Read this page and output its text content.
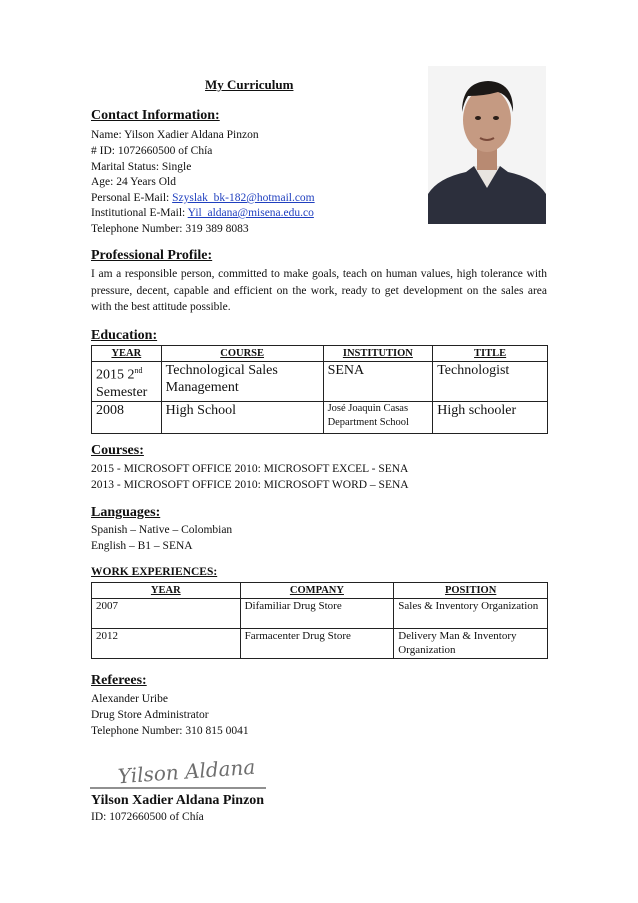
My Curriculum
Contact Information:
Name: Yilson Xadier Aldana Pinzon
# ID: 1072660500 of Chía
Marital Status: Single
Age: 24 Years Old
Personal E-Mail: Szyslak_bk-182@hotmail.com
Institutional E-Mail: Yil_aldana@misena.edu.co
Telephone Number: 319 389 8083
Professional Profile:
I am a responsible person, committed to make goals, teach on human values, high tolerance with pressure, decent, capable and efficient on the work, ready to get development on the sales area with the best attitude possible.
Education:
YEAR	COURSE	INSTITUTION	TITLE
2015 2nd
Semester	Technological Sales Management	SENA	Technologist
2008	High School	José Joaquin Casas Department School	High schooler
Courses:
2015 - MICROSOFT OFFICE 2010: MICROSOFT EXCEL - SENA
2013 - MICROSOFT OFFICE 2010: MICROSOFT WORD – SENA
Languages:
Spanish – Native – Colombian
English – B1 – SENA
WORK EXPERIENCES:
YEAR	COMPANY	POSITION
2007	Difamiliar Drug Store	Sales & Inventory Organization
2012	Farmacenter Drug Store	Delivery Man & Inventory Organization
Referees:
Alexander Uribe
Drug Store Administrator
Telephone Number: 310 815 0041
Yilson Aldana
Yilson Xadier Aldana Pinzon
ID: 1072660500 of Chía
